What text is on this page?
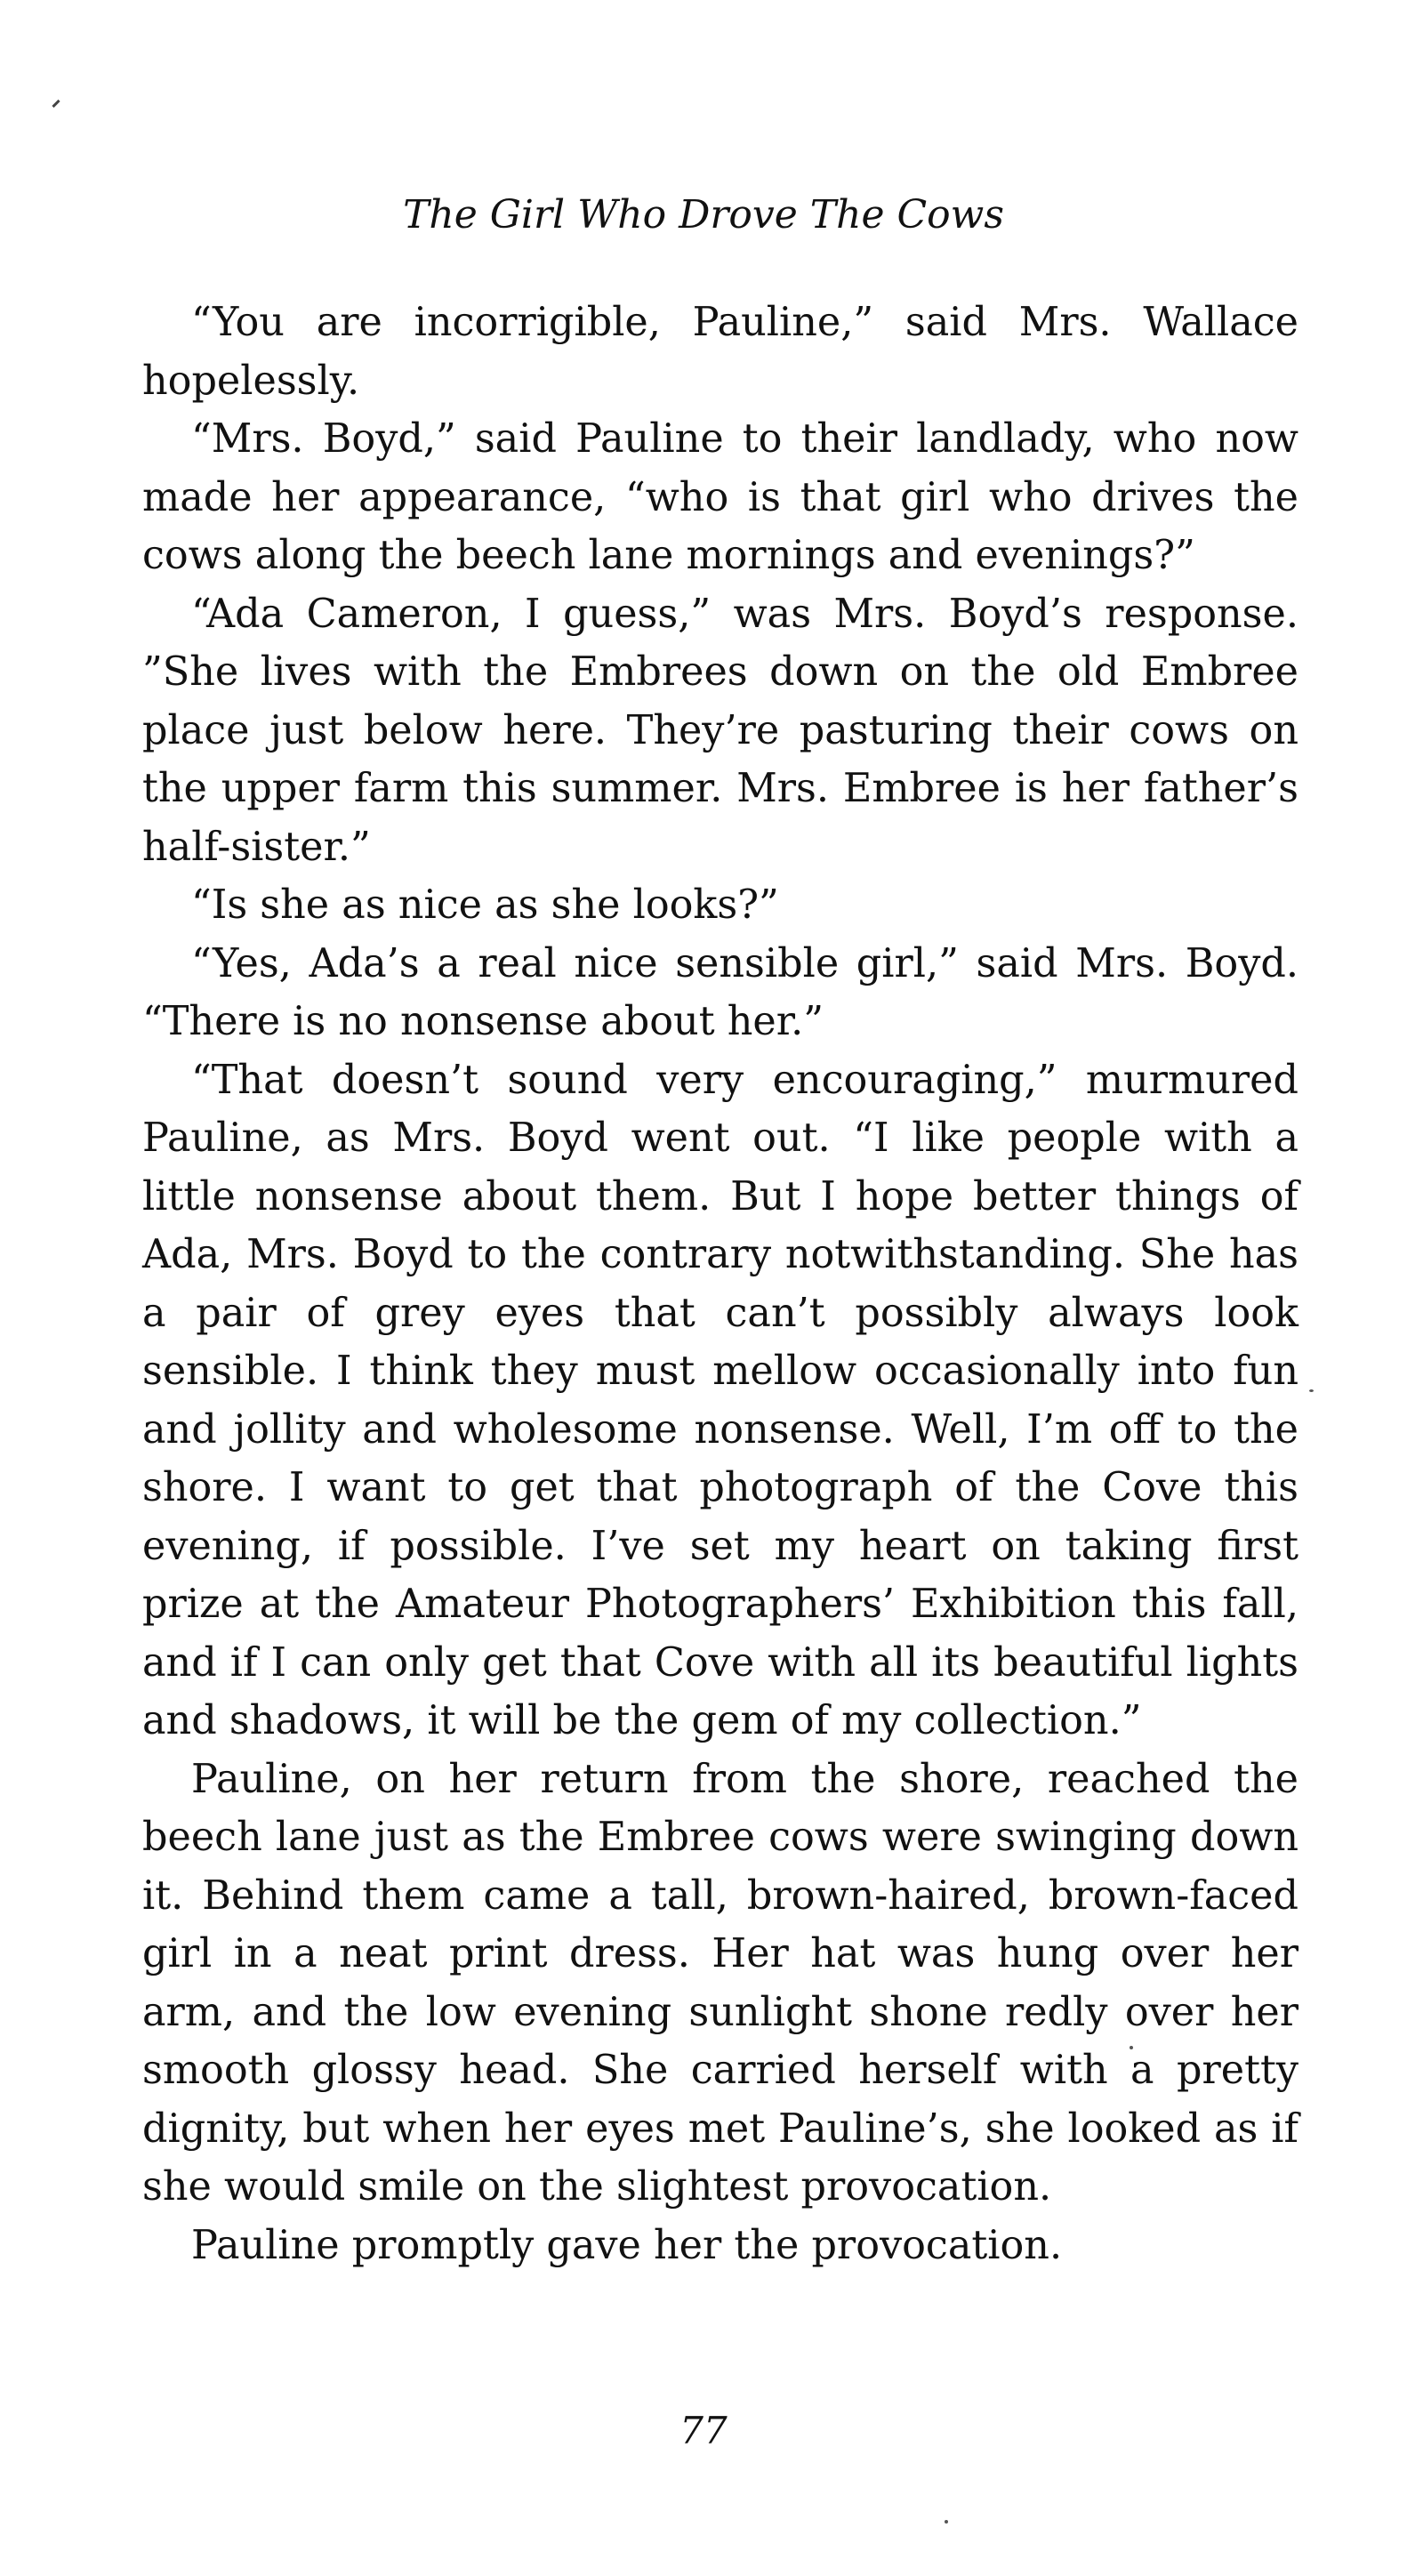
The Girl Who Drove The Cows

“You are incorrigible, Pauline,” said Mrs. Wallace hopelessly.

“Mrs. Boyd,” said Pauline to their landlady, who now made her appearance, “who is that girl who drives the cows along the beech lane mornings and evenings?”

“Ada Cameron, I guess,” was Mrs. Boyd’s response. ”She lives with the Embrees down on the old Embree place just below here. They’re pasturing their cows on the upper farm this summer. Mrs. Embree is her father’s half-sister.”

“Is she as nice as she looks?”

“Yes, Ada’s a real nice sensible girl,” said Mrs. Boyd. “There is no nonsense about her.”

“That doesn’t sound very encouraging,” murmured Pauline, as Mrs. Boyd went out. “I like people with a little nonsense about them. But I hope better things of Ada, Mrs. Boyd to the contrary notwithstanding. She has a pair of grey eyes that can’t possibly always look sensible. I think they must mellow occasionally into fun and jollity and wholesome nonsense. Well, I’m off to the shore. I want to get that photograph of the Cove this evening, if possible. I’ve set my heart on taking first prize at the Amateur Photographers’ Exhibition this fall, and if I can only get that Cove with all its beautiful lights and shadows, it will be the gem of my collection.”

Pauline, on her return from the shore, reached the beech lane just as the Embree cows were swinging down it. Behind them came a tall, brown-haired, brown-faced girl in a neat print dress. Her hat was hung over her arm, and the low evening sunlight shone redly over her smooth glossy head. She carried herself with a pretty dignity, but when her eyes met Pauline’s, she looked as if she would smile on the slightest provocation.

Pauline promptly gave her the provocation.

77
